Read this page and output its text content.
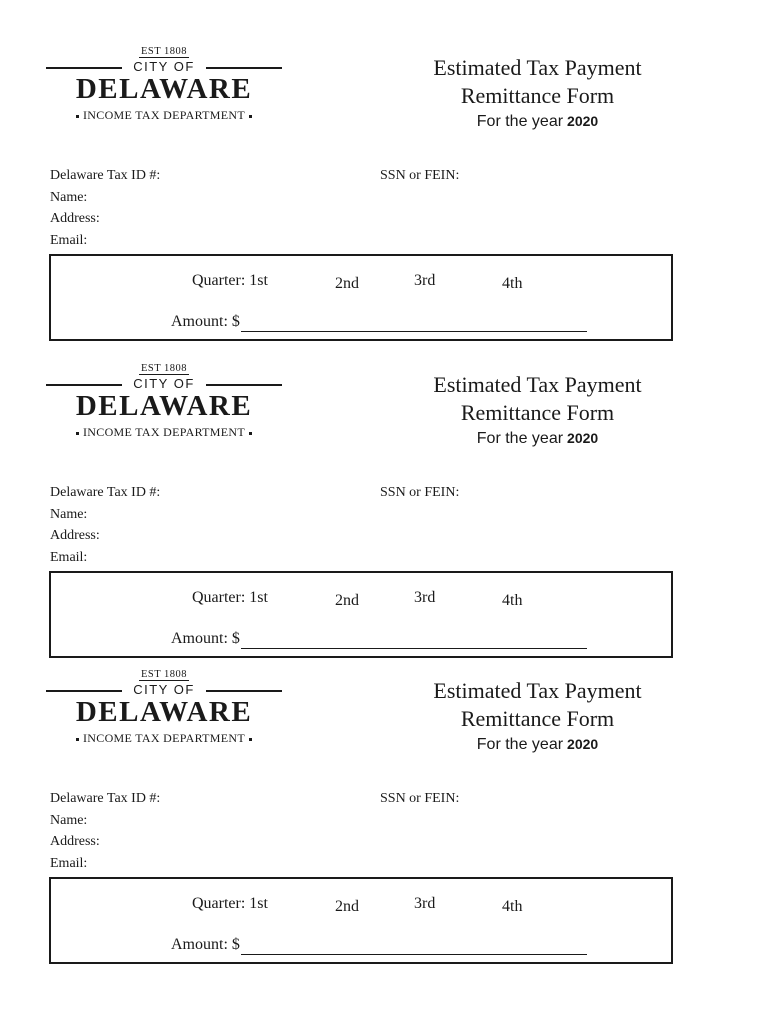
EST 1808
CITY OF
DELAWARE
INCOME TAX DEPARTMENT
Estimated Tax Payment
Remittance Form
For the year 2020
Delaware Tax ID #:	SSN or FEIN:
Name:
Address:
Email:
Quarter: 1st	2nd	3rd	4th
Amount:
$
EST 1808
CITY OF
DELAWARE
INCOME TAX DEPARTMENT
Estimated Tax Payment
Remittance Form
For the year 2020
Delaware Tax ID #:	SSN or FEIN:
Name:
Address:
Email:
Quarter: 1st	2nd	3rd	4th
Amount:
$
EST 1808
CITY OF
DELAWARE
INCOME TAX DEPARTMENT
Estimated Tax Payment
Remittance Form
For the year 2020
Delaware Tax ID #:	SSN or FEIN:
Name:
Address:
Email:
Quarter: 1st	2nd	3rd	4th
Amount:
$
